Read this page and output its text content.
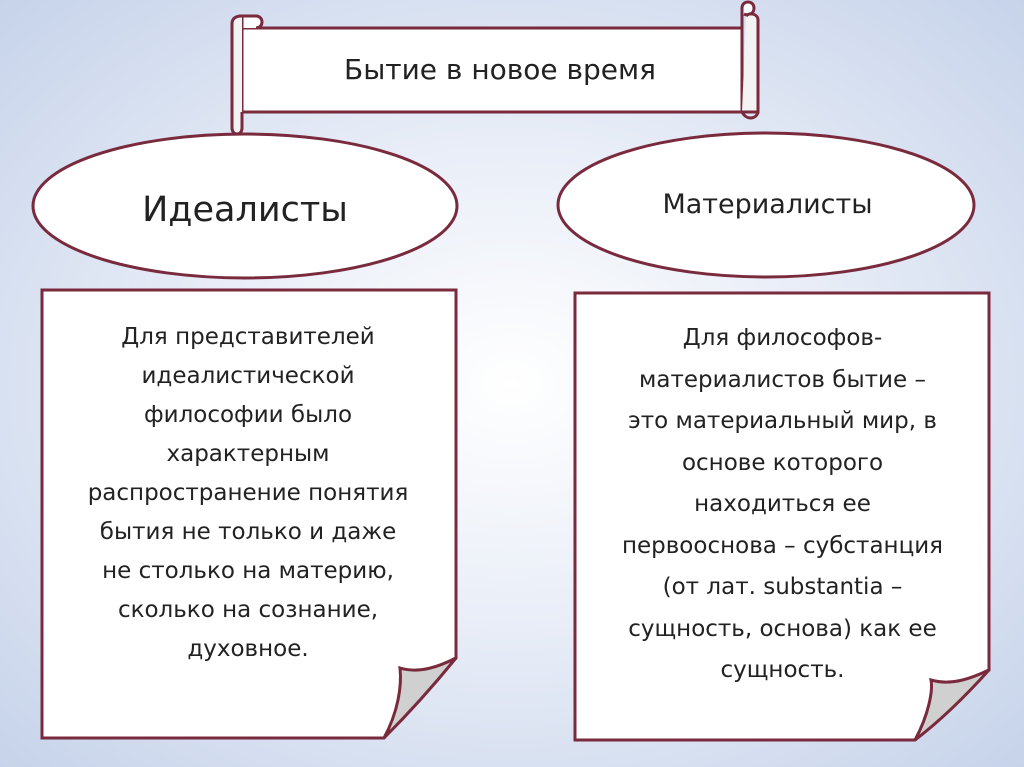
Бытие в новое время

Идеалисты	Материалисты

Для представителей
идеалистической
философии было
характерным
распространение понятия
бытия не только и даже
не столько на материю,
сколько на сознание,
духовное.

Для философов-
материалистов бытие –
это материальный мир, в
основе которого
находиться ее
первооснова – субстанция
(от лат. substantia –
сущность, основа) как ее
сущность.
